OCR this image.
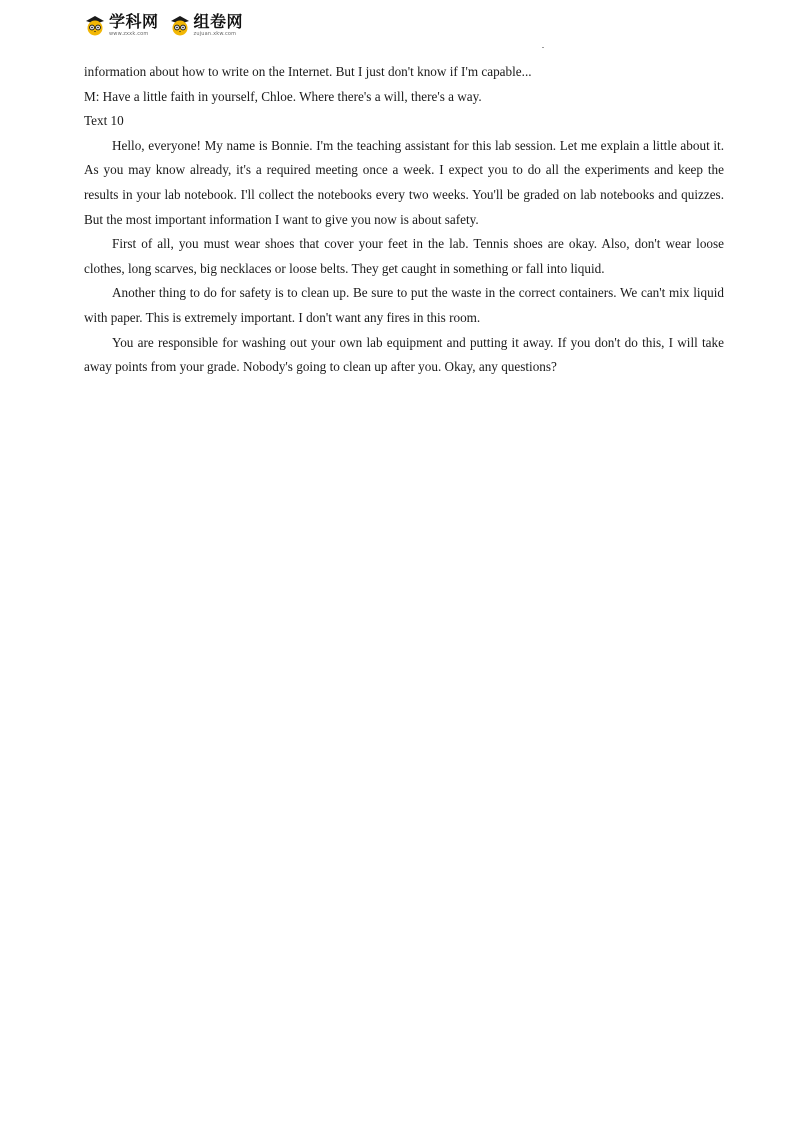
学科网
www.zxxk.com
组卷网
zujuan.xkw.com

information about how to write on the Internet. But I just don't know if I'm capable...

M: Have a little faith in yourself, Chloe. Where there's a will, there's a way.

Text 10

Hello, everyone! My name is Bonnie. I'm the teaching assistant for this lab session. Let me explain a little about it. As you may know already, it's a required meeting once a week. I expect you to do all the experiments and keep the results in your lab notebook. I'll collect the notebooks every two weeks. You'll be graded on lab notebooks and quizzes. But the most important information I want to give you now is about safety.

First of all, you must wear shoes that cover your feet in the lab. Tennis shoes are okay. Also, don't wear loose clothes, long scarves, big necklaces or loose belts. They get caught in something or fall into liquid.

Another thing to do for safety is to clean up. Be sure to put the waste in the correct containers. We can't mix liquid with paper. This is extremely important. I don't want any fires in this room.

You are responsible for washing out your own lab equipment and putting it away. If you don't do this, I will take away points from your grade. Nobody's going to clean up after you. Okay, any questions?
